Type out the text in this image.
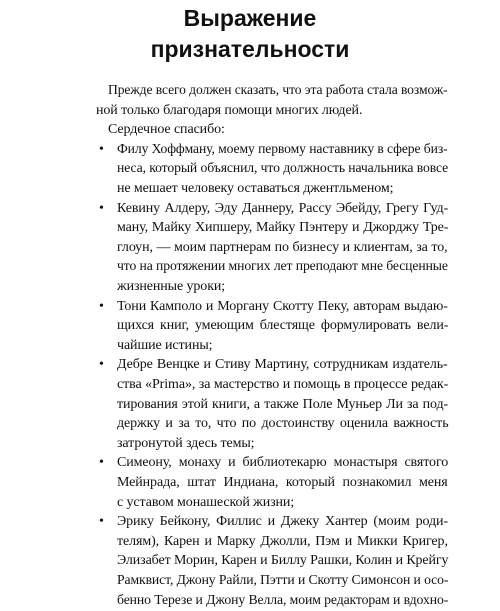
Выражение
признательности
Прежде всего должен сказать, что эта работа стала возмож-
ной только благодаря помощи многих людей.
Сердечное спасибо:
• Филу Хоффману, моему первому наставнику в сфере биз-
неса, который объяснил, что должность начальника вовсе
не мешает человеку оставаться джентльменом;
• Кевину Алдеру, Эду Даннеру, Рассу Эбейду, Грегу Гуд-
ману, Майку Хипшеру, Майку Пэнтеру и Джорджу Тре-
глоун, — моим партнерам по бизнесу и клиентам, за то,
что на протяжении многих лет преподают мне бесценные
жизненные уроки;
• Тони Камполо и Моргану Скотту Пеку, авторам выдаю-
щихся книг, умеющим блестяще формулировать вели-
чайшие истины;
• Дебре Венцке и Стиву Мартину, сотрудникам издатель-
ства «Prima», за мастерство и помощь в процессе редак-
тирования этой книги, а также Поле Муньер Ли за под-
держку и за то, что по достоинству оценила важность
затронутой здесь темы;
• Симеону, монаху и библиотекарю монастыря святого
Мейнрада, штат Индиана, который познакомил меня
с уставом монашеской жизни;
• Эрику Бейкону, Филлис и Джеку Хантер (моим роди-
телям), Карен и Марку Джолли, Пэм и Микки Кригер,
Элизабет Морин, Карен и Биллу Рашки, Колин и Крейгу
Рамквист, Джону Райли, Пэтти и Скотту Симонсон и осо-
бенно Терезе и Джону Велла, моим редакторам и вдохно-
